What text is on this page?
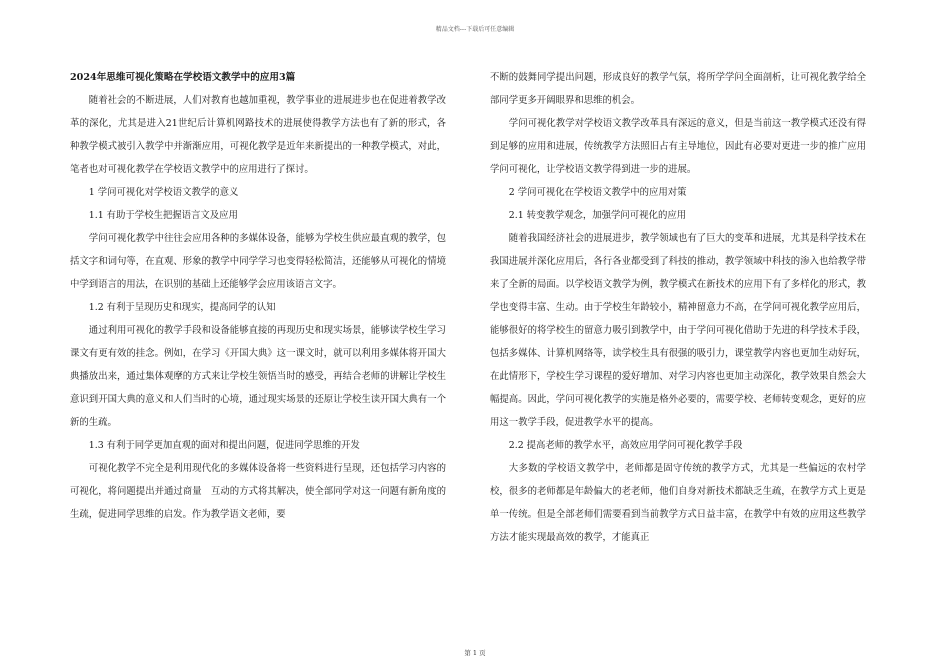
精品文档---下载后可任意编辑

2024年思维可视化策略在学校语文教学中的应用3篇

随着社会的不断进展，人们对教育也越加重视，教学事业的进展进步也在促进着教学改革的深化，尤其是进入21世纪后计算机网路技术的进展使得教学方法也有了新的形式，各种教学模式被引入教学中并渐渐应用，可视化教学是近年来新提出的一种教学模式，对此，笔者也对可视化教学在学校语文教学中的应用进行了探讨。

1 学问可视化对学校语文教学的意义

1.1 有助于学校生把握语言文及应用

学问可视化教学中往往会应用各种的多媒体设备，能够为学校生供应最直观的教学，包括文字和词句等，在直观、形象的教学中同学学习也变得轻松简洁，还能够从可视化的情境中学到语言的用法，在识别的基础上还能够学会应用该语言文字。

1.2 有利于呈现历史和现实，提高同学的认知

通过利用可视化的教学手段和设备能够直接的再现历史和现实场景，能够读学校生学习课文有更有效的挂念。例如，在学习《开国大典》这一课文时，就可以利用多媒体将开国大典播放出来，通过集体观摩的方式来让学校生领悟当时的感受，再结合老师的讲解让学校生意识到开国大典的意义和人们当时的心境，通过现实场景的还原让学校生读开国大典有一个新的生疏。

1.3 有利于同学更加直观的面对和提出问题，促进同学思维的开发

可视化教学不完全是利用现代化的多媒体设备将一些资料进行呈现，还包括学习内容的可视化，将问题提出并通过商量　互动的方式将其解决，使全部同学对这一问题有新角度的生疏，促进同学思维的启发。作为教学语文老师，要

不断的鼓舞同学提出问题，形成良好的教学气氛，将所学学问全面剖析，让可视化教学给全部同学更多开阔眼界和思维的机会。

学问可视化教学对学校语文教学改革具有深远的意义，但是当前这一教学模式还没有得到足够的应用和进展，传统教学方法照旧占有主导地位，因此有必要对更进一步的推广应用学问可视化，让学校语文教学得到进一步的进展。

2 学问可视化在学校语文教学中的应用对策

2.1 转变教学观念，加强学问可视化的应用

随着我国经济社会的进展进步，教学领域也有了巨大的变革和进展，尤其是科学技术在我国进展并深化应用后，各行各业都受到了科技的推动，教学领域中科技的渗入也给教学带来了全新的局面。以学校语文教学为例，教学模式在新技术的应用下有了多样化的形式，教学也变得丰富、生动。由于学校生年龄较小，精神留意力不高，在学问可视化教学应用后，能够很好的将学校生的留意力吸引到教学中，由于学问可视化借助于先进的科学技术手段，包括多媒体、计算机网络等，读学校生具有很强的吸引力，课堂教学内容也更加生动好玩，在此情形下，学校生学习课程的爱好增加、对学习内容也更加主动深化，教学效果自然会大幅提高。因此，学问可视化教学的实施是格外必要的，需要学校、老师转变观念，更好的应用这一教学手段，促进教学水平的提高。

2.2 提高老师的教学水平，高效应用学问可视化教学手段

大多数的学校语文教学中，老师都是固守传统的教学方式，尤其是一些偏远的农村学校，很多的老师都是年龄偏大的老老师，他们自身对新技术都缺乏生疏，在教学方式上更是单一传统。但是全部老师们需要看到当前教学方式日益丰富，在教学中有效的应用这些教学方法才能实现最高效的教学，才能真正

第 1 页
